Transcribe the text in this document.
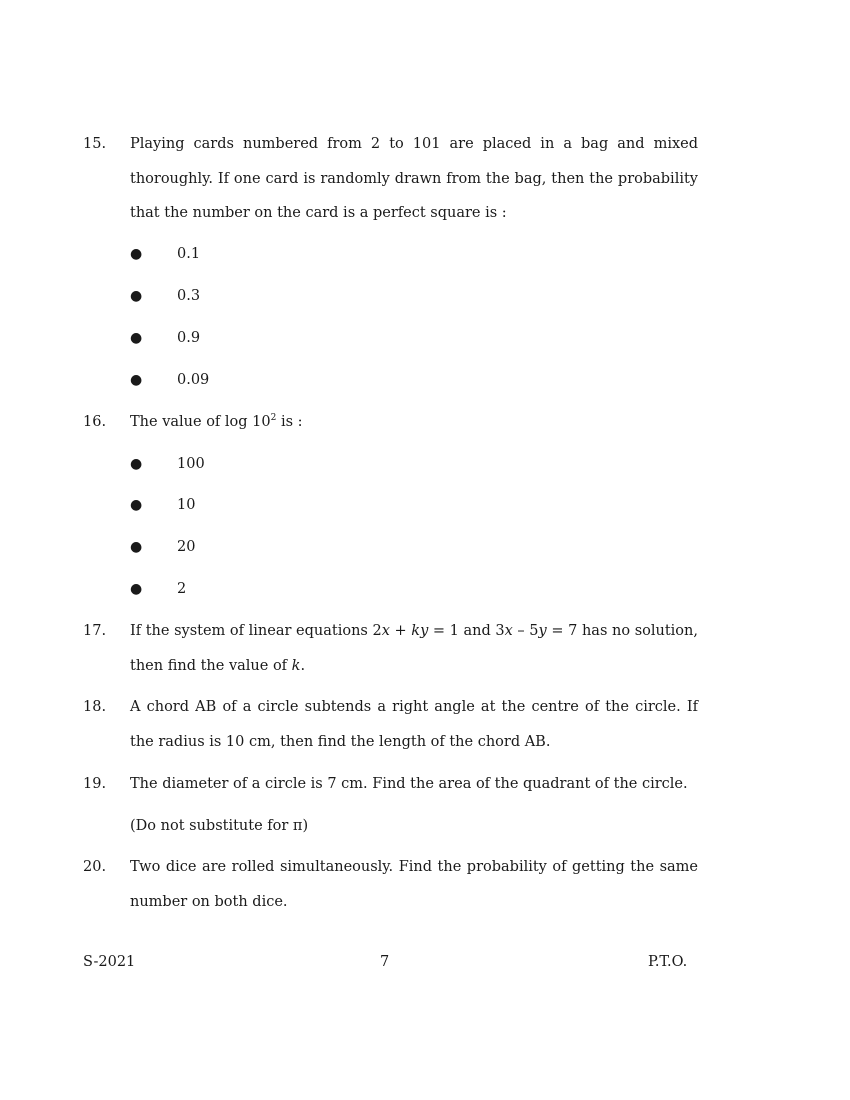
15.	Playing cards numbered from 2 to 101 are placed in a bag and mixed thoroughly. If one card is randomly drawn from the bag, then the probability that the number on the card is a perfect square is :
● 0.1
● 0.3
● 0.9
● 0.09
16.	The value of $\log 10^2$ is :
● 100
● 10
● 20
● 2
17.	If the system of linear equations 2x + ky = 1 and 3x – 5y = 7 has no solution, then find the value of k.
18.	A chord AB of a circle subtends a right angle at the centre of the circle. If the radius is 10 cm, then find the length of the chord AB.
19.	The diameter of a circle is 7 cm. Find the area of the quadrant of the circle.
(Do not substitute for π)
20.	Two dice are rolled simultaneously. Find the probability of getting the same number on both dice.
S-2021	7	P.T.O.
